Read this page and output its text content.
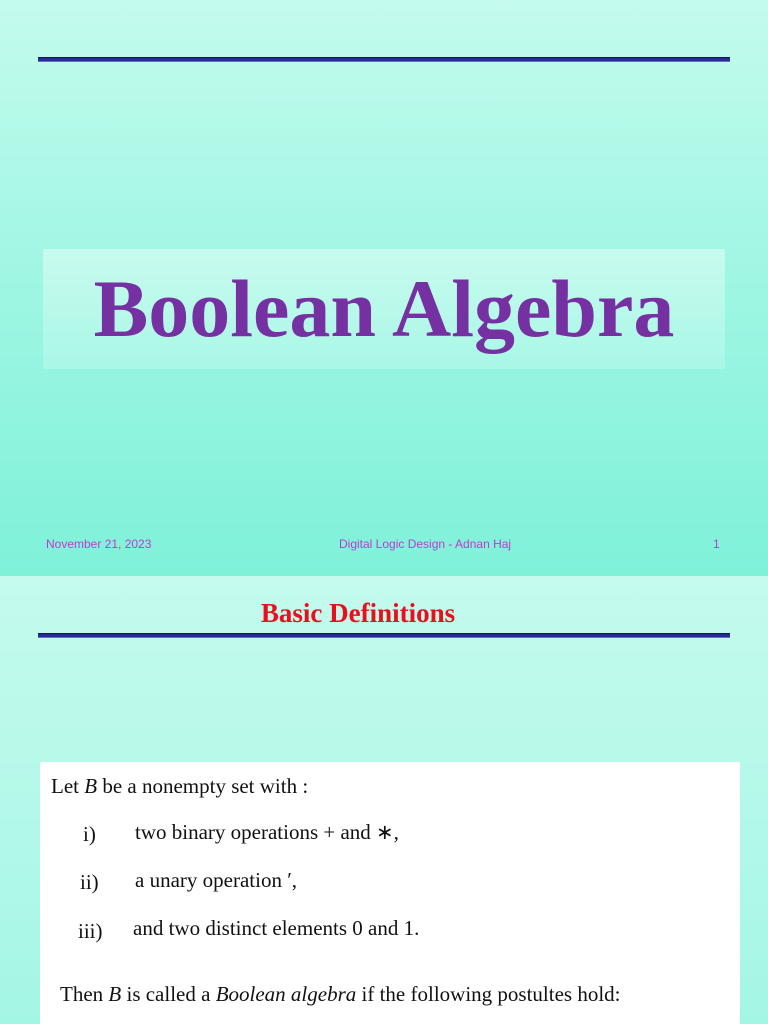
Boolean Algebra
November 21, 2023	Digital Logic Design - Adnan Haj	1
Basic Definitions
Let B be a nonempty set with :
i) two binary operations + and ∗,
ii) a unary operation ′,
iii) and two distinct elements 0 and 1.
Then B is called a Boolean algebra if the following postultes hold:
